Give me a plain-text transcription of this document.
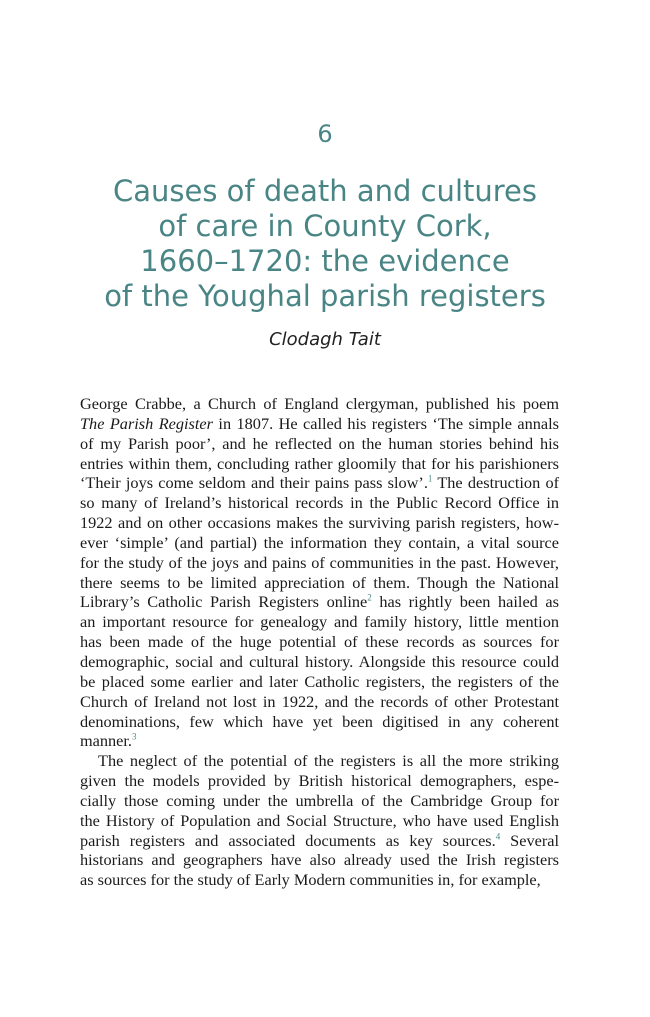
6
Causes of death and cultures
of care in County Cork,
1660–1720: the evidence
of the Youghal parish registers
Clodagh Tait
George Crabbe, a Church of England clergyman, published his poem
The Parish Register in 1807. He called his registers ‘The simple annals
of my Parish poor’, and he reflected on the human stories behind his
entries within them, concluding rather gloomily that for his parishioners
‘Their joys come seldom and their pains pass slow’.$^1$ The destruction of
so many of Ireland’s historical records in the Public Record Office in
1922 and on other occasions makes the surviving parish registers, how-
ever ‘simple’ (and partial) the information they contain, a vital source
for the study of the joys and pains of communities in the past. However,
there seems to be limited appreciation of them. Though the National
Library’s Catholic Parish Registers online$^2$ has rightly been hailed as
an important resource for genealogy and family history, little mention
has been made of the huge potential of these records as sources for
demographic, social and cultural history. Alongside this resource could
be placed some earlier and later Catholic registers, the registers of the
Church of Ireland not lost in 1922, and the records of other Protestant
denominations, few which have yet been digitised in any coherent
manner.$^3$
The neglect of the potential of the registers is all the more striking
given the models provided by British historical demographers, espe-
cially those coming under the umbrella of the Cambridge Group for
the History of Population and Social Structure, who have used English
parish registers and associated documents as key sources.$^4$ Several
historians and geographers have also already used the Irish registers
as sources for the study of Early Modern communities in, for example,
